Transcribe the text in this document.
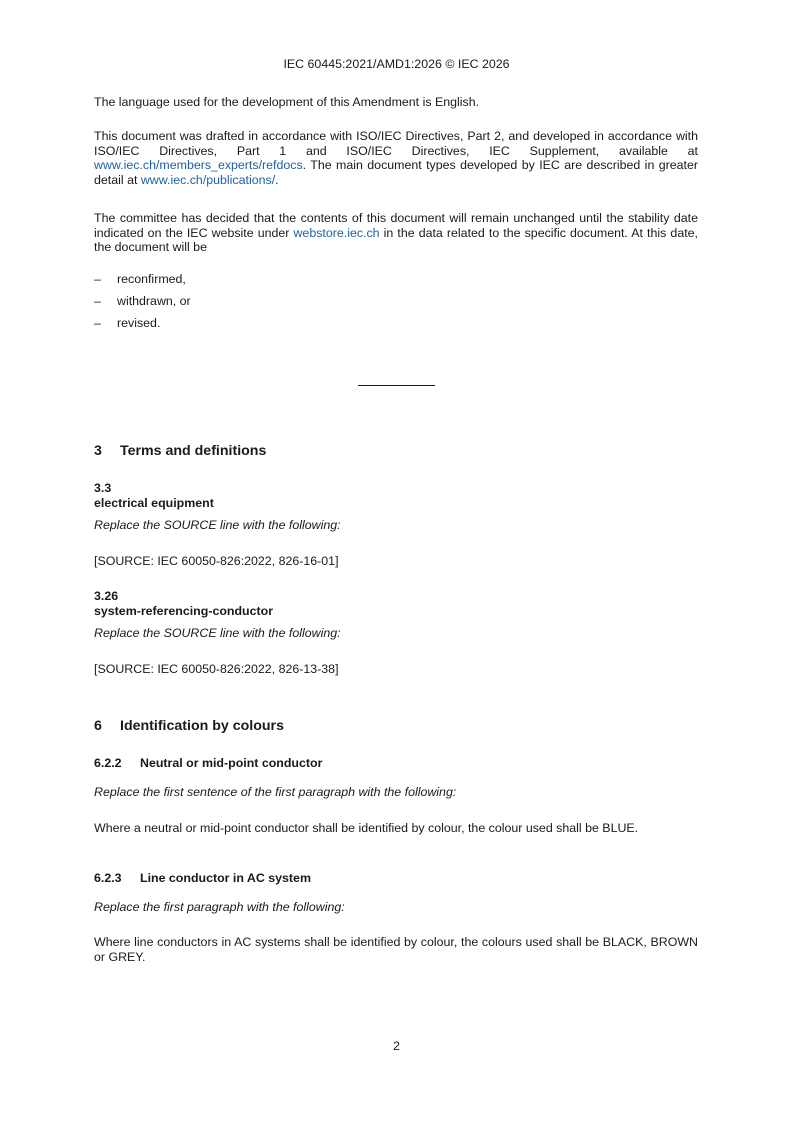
IEC 60445:2021/AMD1:2026 © IEC 2026

The language used for the development of this Amendment is English.

This document was drafted in accordance with ISO/IEC Directives, Part 2, and developed in accordance with ISO/IEC Directives, Part 1 and ISO/IEC Directives, IEC Supplement, available at www.iec.ch/members_experts/refdocs. The main document types developed by IEC are described in greater detail at www.iec.ch/publications/.

The committee has decided that the contents of this document will remain unchanged until the stability date indicated on the IEC website under webstore.iec.ch in the data related to the specific document. At this date, the document will be

– reconfirmed,
– withdrawn, or
– revised.
3 Terms and definitions
3.3
electrical equipment
Replace the SOURCE line with the following:
[SOURCE: IEC 60050-826:2022, 826-16-01]
3.26
system-referencing-conductor
Replace the SOURCE line with the following:
[SOURCE: IEC 60050-826:2022, 826-13-38]
6 Identification by colours
6.2.2 Neutral or mid-point conductor
Replace the first sentence of the first paragraph with the following:

Where a neutral or mid-point conductor shall be identified by colour, the colour used shall be BLUE.

6.2.3 Line conductor in AC system
Replace the first paragraph with the following:

Where line conductors in AC systems shall be identified by colour, the colours used shall be BLACK, BROWN or GREY.

2
